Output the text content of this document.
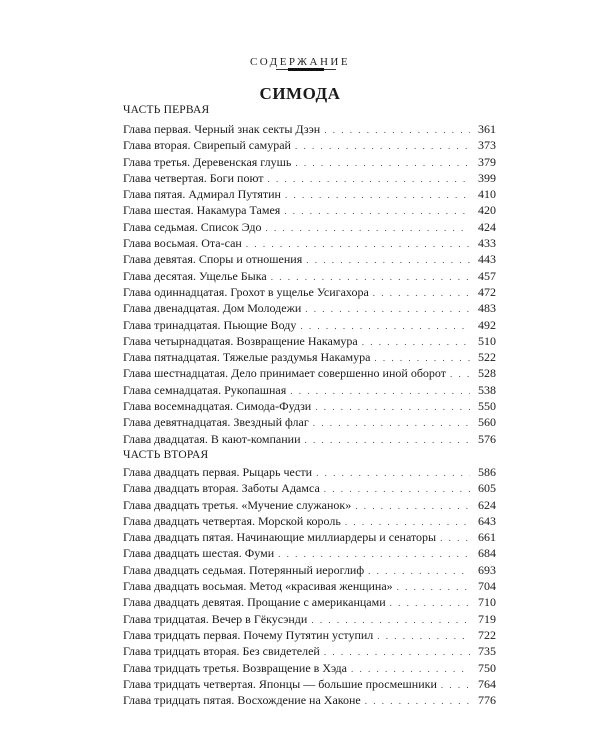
СОДЕРЖАНИЕ
СИМОДА
ЧАСТЬ ПЕРВАЯ
Глава первая. Черный знак секты Дзэн . . .	361
Глава вторая. Свирепый самурай . . .	373
Глава третья. Деревенская глушь . . .	379
Глава четвертая. Боги поют . . .	399
Глава пятая. Адмирал Путятин . . .	410
Глава шестая. Накамура Тамея . . .	420
Глава седьмая. Список Эдо . . .	424
Глава восьмая. Ота-сан . . .	433
Глава девятая. Споры и отношения . . .	443
Глава десятая. Ущелье Быка . . .	457
Глава одиннадцатая. Грохот в ущелье Усигахора . . .	472
Глава двенадцатая. Дом Молодежи . . .	483
Глава тринадцатая. Пьющие Воду . . .	492
Глава четырнадцатая. Возвращение Накамура . . .	510
Глава пятнадцатая. Тяжелые раздумья Накамура . . .	522
Глава шестнадцатая. Дело принимает совершенно иной оборот . . .	528
Глава семнадцатая. Рукопашная . . .	538
Глава восемнадцатая. Симода-Фудзи . . .	550
Глава девятнадцатая. Звездный флаг . . .	560
Глава двадцатая. В кают-компании . . .	576
ЧАСТЬ ВТОРАЯ
Глава двадцать первая. Рыцарь чести . . .	586
Глава двадцать вторая. Заботы Адамса . . .	605
Глава двадцать третья. «Мучение служанок» . . .	624
Глава двадцать четвертая. Морской король . . .	643
Глава двадцать пятая. Начинающие миллиардеры и сенаторы . . .	661
Глава двадцать шестая. Фуми . . .	684
Глава двадцать седьмая. Потерянный иероглиф . . .	693
Глава двадцать восьмая. Метод «красивая женщина» . . .	704
Глава двадцать девятая. Прощание с американцами . . .	710
Глава тридцатая. Вечер в Гёкусэнди . . .	719
Глава тридцать первая. Почему Путятин уступил . . .	722
Глава тридцать вторая. Без свидетелей . . .	735
Глава тридцать третья. Возвращение в Хэда . . .	750
Глава тридцать четвертая. Японцы — большие просмешники . . .	764
Глава тридцать пятая. Восхождение на Хаконе . . .	776
